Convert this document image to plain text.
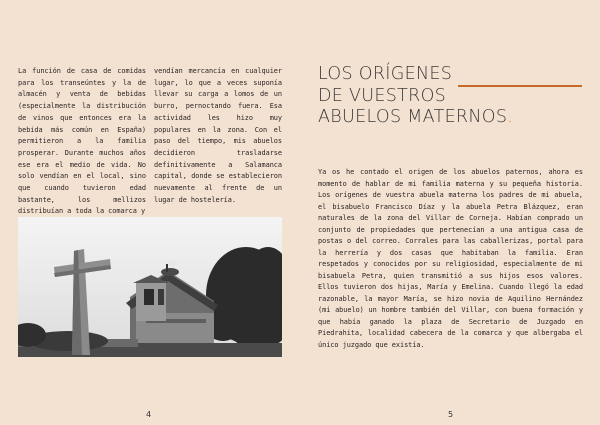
La función de casa de comidas para los transeúntes y la de almacén y venta de bebidas (especialmente la distribución de vinos que entonces era la bebida más común en España) permitieron a la familia prosperar. Durante muchos años ese era el medio de vida. No solo vendían en el local, sino que cuando tuvieron edad bastante, los mellizos distribuían a toda la comarca y

vendían mercancía en cualquier lugar, lo que a veces suponía llevar su carga a lomos de un burro, pernoctando fuera. Esa actividad les hizo muy populares en la zona. Con el paso del tiempo, mis abuelos decidieron trasladarse definitivamente a Salamanca capital, donde se establecieron nuevamente al frente de un lugar de hostelería.

4
LOS ORÍGENES
DE VUESTROS
ABUELOS MATERNOS.

Ya os he contado el origen de los abuelos paternos, ahora es momento de hablar de mi familia materna y su pequeña historia. Los orígenes de vuestra abuela materna los padres de mi abuela, el bisabuelo Francisco Díaz y la abuela Petra Blázquez, eran naturales de la zona del Villar de Corneja. Habían comprado un conjunto de propiedades que pertenecían a una antigua casa de postas o del correo. Corrales para las caballerizas, portal para la herrería y dos casas que habitaban la familia. Eran respetados y conocidos por su religiosidad, especialmente de mi bisabuela Petra, quien transmitió a sus hijos esos valores. Ellos tuvieron dos hijas, María y Emelina. Cuando llegó la edad razonable, la mayor María, se hizo novia de Aquilino Hernández (mi abuelo) un hombre también del Villar, con buena formación y que había ganado la plaza de Secretario de Juzgado en Piedrahita, localidad cabecera de la comarca y que albergaba el único juzgado que existía.

5
